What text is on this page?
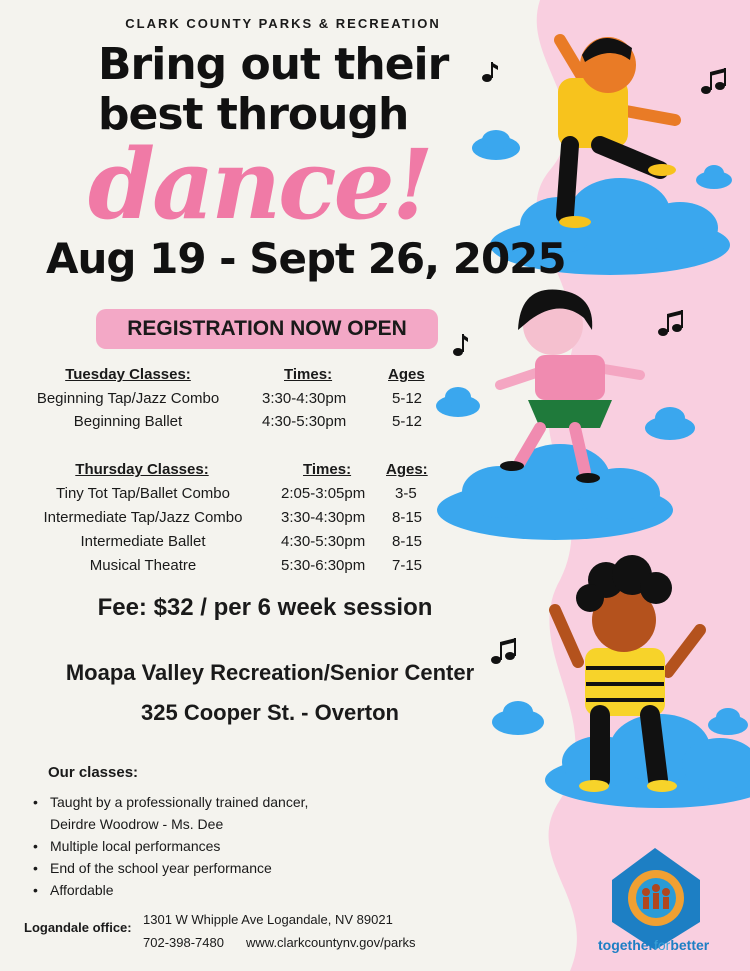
CLARK COUNTY PARKS & RECREATION
Bring out their
best through
dance!
Aug 19 - Sept 26, 2025
REGISTRATION NOW OPEN
Tuesday Classes:	Times:	Ages
Beginning Tap/Jazz Combo	3:30-4:30pm	5-12
Beginning Ballet	4:30-5:30pm	5-12
Thursday Classes:	Times: Ages:
Tiny Tot Tap/Ballet Combo	2:05-3:05pm 3-5
Intermediate Tap/Jazz Combo	3:30-4:30pm 8-15
Intermediate Ballet	4:30-5:30pm 8-15
Musical Theatre	5:30-6:30pm 7-15
Fee: $32 / per 6 week session
Moapa Valley Recreation/Senior Center
325 Cooper St. - Overton
Our classes:
• Taught by a professionally trained dancer,
Deirdre Woodrow - Ms. Dee
• Multiple local performances
• End of the school year performance
• Affordable
Logandale office:
1301 W Whipple Ave Logandale, NV 89021
702-398-7480 www.clarkcountynv.gov/parks	togetherforbetter
